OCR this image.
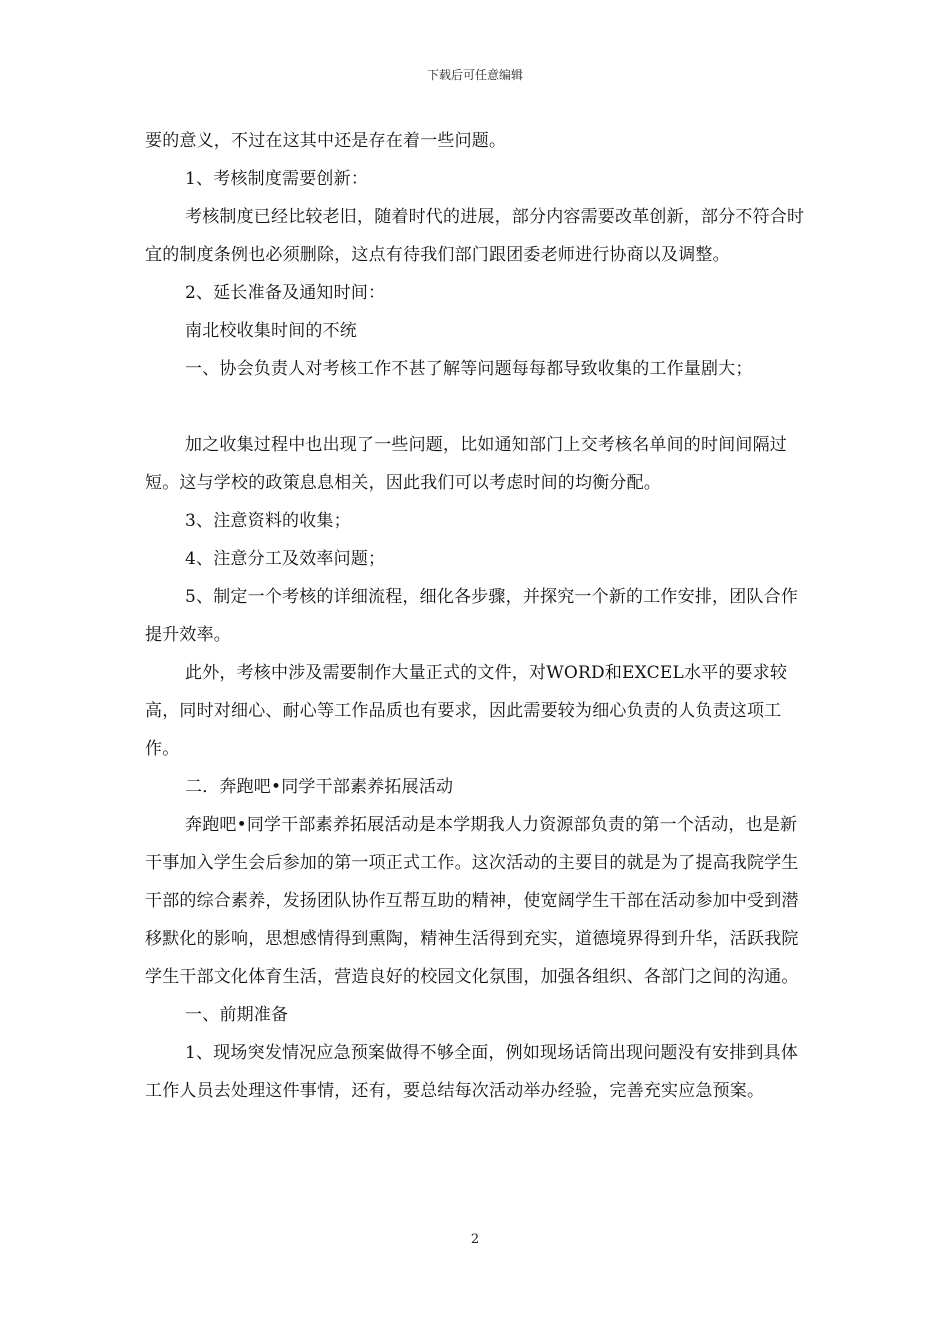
下载后可任意编辑

要的意义，不过在这其中还是存在着一些问题。

1、考核制度需要创新：

考核制度已经比较老旧，随着时代的进展，部分内容需要改革创新，部分不符合时宜的制度条例也必须删除，这点有待我们部门跟团委老师进行协商以及调整。

2、延长准备及通知时间：

南北校收集时间的不统

一、协会负责人对考核工作不甚了解等问题每每都导致收集的工作量剧大；

加之收集过程中也出现了一些问题，比如通知部门上交考核名单间的时间间隔过短。这与学校的政策息息相关，因此我们可以考虑时间的均衡分配。

3、注意资料的收集；

4、注意分工及效率问题；

5、制定一个考核的详细流程，细化各步骤，并探究一个新的工作安排，团队合作提升效率。

此外，考核中涉及需要制作大量正式的文件，对WORD和EXCEL水平的要求较高，同时对细心、耐心等工作品质也有要求，因此需要较为细心负责的人负责这项工作。

二．奔跑吧•同学干部素养拓展活动

奔跑吧•同学干部素养拓展活动是本学期我人力资源部负责的第一个活动，也是新干事加入学生会后参加的第一项正式工作。这次活动的主要目的就是为了提高我院学生干部的综合素养，发扬团队协作互帮互助的精神，使宽阔学生干部在活动参加中受到潜移默化的影响，思想感情得到熏陶，精神生活得到充实，道德境界得到升华，活跃我院学生干部文化体育生活，营造良好的校园文化氛围，加强各组织、各部门之间的沟通。

一、前期准备

1、现场突发情况应急预案做得不够全面，例如现场话筒出现问题没有安排到具体工作人员去处理这件事情，还有，要总结每次活动举办经验，完善充实应急预案。

2
